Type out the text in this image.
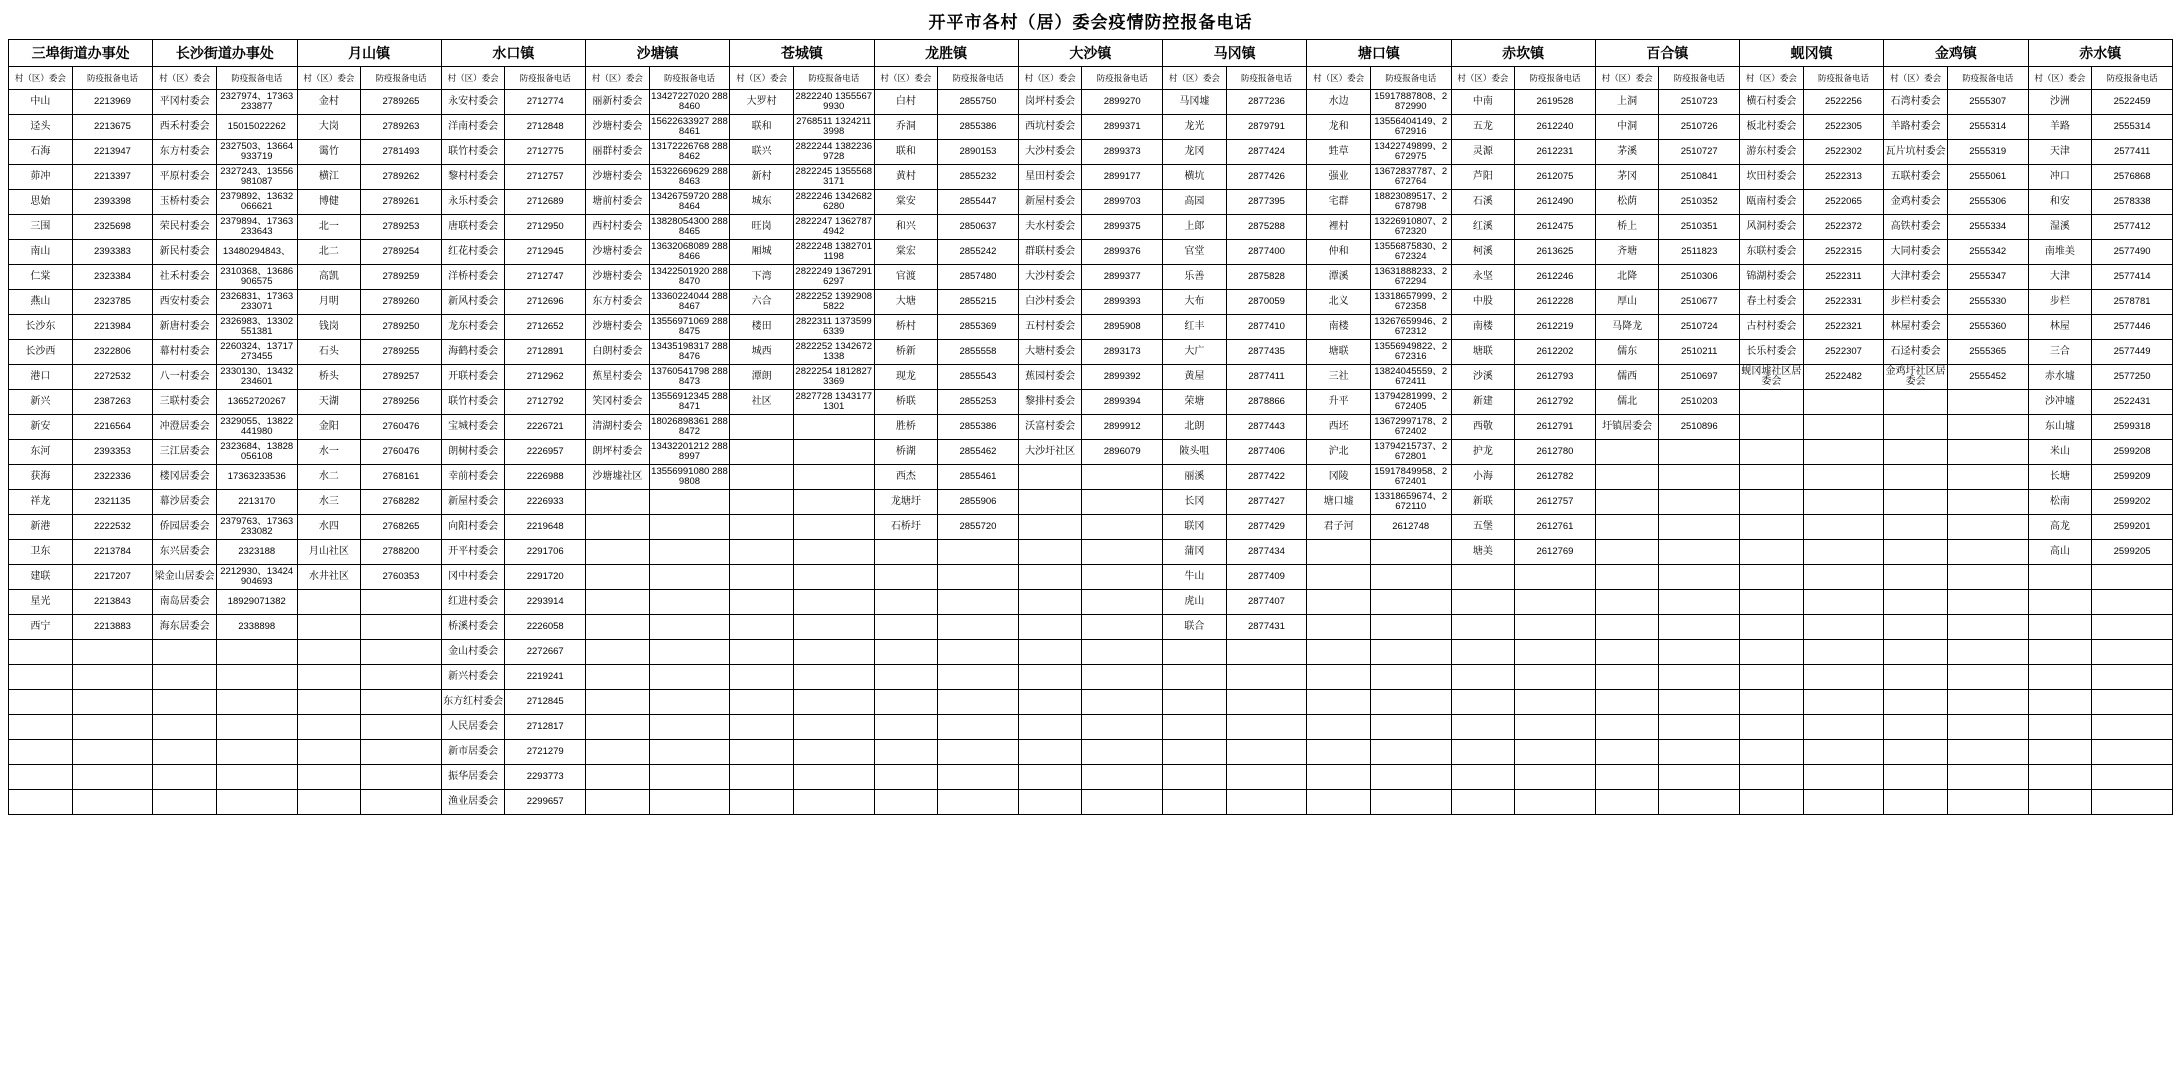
开平市各村（居）委会疫情防控报备电话
三埠街道办事处		长沙街道办事处		月山镇		水口镇		沙塘镇		苍城镇		龙胜镇		大沙镇		马冈镇		塘口镇		赤坎镇		百合镇		蚬冈镇		金鸡镇		赤水镇	
村（区）委会	防疫报备电话	村（区）委会	防疫报备电话	村（区）委会	防疫报备电话	村（区）委会	防疫报备电话	村（区）委会	防疫报备电话	村（区）委会	防疫报备电话	村（区）委会	防疫报备电话	村（区）委会	防疫报备电话	村（区）委会	防疫报备电话	村（区）委会	防疫报备电话	村（区）委会	防疫报备电话	村（区）委会	防疫报备电话	村（区）委会	防疫报备电话	村（区）委会	防疫报备电话	村（区）委会	防疫报备电话
中山	2213969	平冈村委会	2327974、17363233877	金村	2789265	永安村委会	2712774	丽新村委会	13427227020 2888460	大罗村	2822240 13555679930	白村	2855750	岗坪村委会	2899270	马冈墟	2877236	水边	15917887808、2872990	中南	2619528	上洞	2510723	横石村委会	2522256	石湾村委会	2555307	沙洲	2522459
迳头	2213675	西禾村委会	15015022262	大岗	2789263	洋南村委会	2712848	沙塘村委会	15622633927 2888461	联和	2768511 13242113998	乔洞	2855386	西坑村委会	2899371	龙光	2879791	龙和	13556404149、2672916	五龙	2612240	中洞	2510726	板北村委会	2522305	羊路村委会	2555314	羊路	2555314
石海	2213947	东方村委会	2327503、13664933719	霭竹	2781493	联竹村委会	2712775	丽群村委会	13172226768 2888462	联兴	2822244 13822369728	联和	2890153	大沙村委会	2899373	龙冈	2877424	甡草	13422749899、2672975	灵源	2612231	茅溪	2510727	游东村委会	2522302	瓦片坑村委会	2555319	天津	2577411
茆冲	2213397	平原村委会	2327243、13556981087	横江	2789262	黎村村委会	2712757	沙塘村委会	15322669629 2888463	新村	2822245 13555683171	黄村	2855232	星田村委会	2899177	横坑	2877426	强业	13672837787、2672764	芦阳	2612075	茅冈	2510841	坎田村委会	2522313	五联村委会	2555061	冲口	2576868
思始	2393398	玉桥村委会	2379892、13632066621	博健	2789261	永乐村委会	2712689	塘前村委会	13426759720 2888464	城东	2822246 13426826280	棠安	2855447	新屋村委会	2899703	高园	2877395	宅群	18823089517、2678798	石溪	2612490	松荫	2510352	瓯南村委会	2522065	金鸡村委会	2555306	和安	2578338
三围	2325698	荣民村委会	2379894、17363233643	北一	2789253	唐联村委会	2712950	西村村委会	13828054300 2888465	旺岗	2822247 13627874942	和兴	2850637	夫水村委会	2899375	上郎	2875288	裡村	13226910807、2672320	红溪	2612475	桥上	2510351	风洞村委会	2522372	高铁村委会	2555334	湿溪	2577412
南山	2393383	新民村委会	13480294843、	北二	2789254	红花村委会	2712945	沙塘村委会	13632068089 2888466	厢城	2822248 13827011198	棠宏	2855242	群联村委会	2899376	官堂	2877400	仲和	13556875830、2672324	柯溪	2613625	齐塘	2511823	东联村委会	2522315	大同村委会	2555342	南堆美	2577490
仁棠	2323384	社禾村委会	2310368、13686906575	高凯	2789259	洋桥村委会	2712747	沙塘村委会	13422501920 2888470	下湾	2822249 13672916297	官渡	2857480	大沙村委会	2899377	乐善	2875828	潭溪	13631888233、2672294	永坚	2612246	北降	2510306	锦湖村委会	2522311	大津村委会	2555347	大津	2577414
燕山	2323785	西安村委会	2326831、17363233071	月明	2789260	新风村委会	2712696	东方村委会	13360224044 2888467	六合	2822252 13929085822	大塘	2855215	白沙村委会	2899393	大布	2870059	北义	13318657999、2672358	中股	2612228	厚山	2510677	春土村委会	2522331	步栏村委会	2555330	步栏	2578781
长沙东	2213984	新唐村委会	2326983、13302551381	钱岗	2789250	龙东村委会	2712652	沙塘村委会	13556971069 2888475	楼田	2822311 13735996339	桥村	2855369	五村村委会	2895908	红丰	2877410	南楼	13267659946、2672312	南楼	2612219	马降龙	2510724	古村村委会	2522321	林屋村委会	2555360	林屋	2577446
长沙西	2322806	幕村村委会	2260324、13717273455	石头	2789255	海鹤村委会	2712891	白朗村委会	13435198317 2888476	城西	2822252 13426721338	桥新	2855558	大塘村委会	2893173	大广	2877435	塘联	13556949822、2672316	塘联	2612202	儒东	2510211	长乐村委会	2522307	石迳村委会	2555365	三合	2577449
港口	2272532	八一村委会	2330130、13432234601	桥头	2789257	开联村委会	2712962	蕉星村委会	13760541798 2888473	潭朗	2822254 18128273369	现龙	2855543	蕉园村委会	2899392	黄屋	2877411	三社	13824045559、2672411	沙溪	2612793	儒西	2510697	蚬冈墟社区居委会	2522482	金鸡圩社区居委会	2555452	赤水墟	2577250
新兴	2387263	三联村委会	13652720267	天湖	2789256	联竹村委会	2712792	笑冈村委会	13556912345 2888471	社区	2827728 13431771301	桥联	2855253	黎排村委会	2899394	荣塘	2878866	升平	13794281999、2672405	新建	2612792	儒北	2510203					沙冲墟	2522431
新安	2216564	冲澄居委会	2329055、13822441980	金阳	2760476	宝城村委会	2226721	清湖村委会	18026898361 2888472			胜桥	2855386	沃富村委会	2899912	北朗	2877443	西坯	13672997178、2672402	西敬	2612791	圩镇居委会	2510896					东山墟	2599318
东河	2393353	三江居委会	2323684、13828056108	水一	2760476	朗树村委会	2226957	朗坪村委会	13432201212 2888997			桥湖	2855462	大沙圩社区	2896079	陂头咀	2877406	沪北	13794215737、2672801	护龙	2612780							米山	2599208
获海	2322336	楼冈居委会	17363233536	水二	2768161	幸前村委会	2226988	沙塘墟社区	13556991080 2889808			西杰	2855461			丽溪	2877422	冈陵	15917849958、2672401	小海	2612782							长塘	2599209
祥龙	2321135	幕沙居委会	2213170	水三	2768282	新屋村委会	2226933					龙塘圩	2855906			长冈	2877427	塘口墟	13318659674、2672110	新联	2612757							松南	2599202
新港	2222532	侨园居委会	2379763、17363233082	水四	2768265	向阳村委会	2219648					石桥圩	2855720			联冈	2877429	君子河	2612748	五堡	2612761							高龙	2599201
卫东	2213784	东兴居委会	2323188	月山社区	2788200	开平村委会	2291706									蒲冈	2877434			塘美	2612769							高山	2599205
建联	2217207	梁金山居委会	2212930、13424904693	水井社区	2760353	冈中村委会	2291720									牛山	2877409												
星光	2213843	南岛居委会	18929071382			红进村委会	2293914									虎山	2877407												
西宁	2213883	海东居委会	2338898			桥溪村委会	2226058									联合	2877431												
						金山村委会	2272667																						
						新兴村委会	2219241																						
						东方红村委会	2712845																						
						人民居委会	2712817																						
						新市居委会	2721279																						
						振华居委会	2293773																						
						渔业居委会	2299657																						
